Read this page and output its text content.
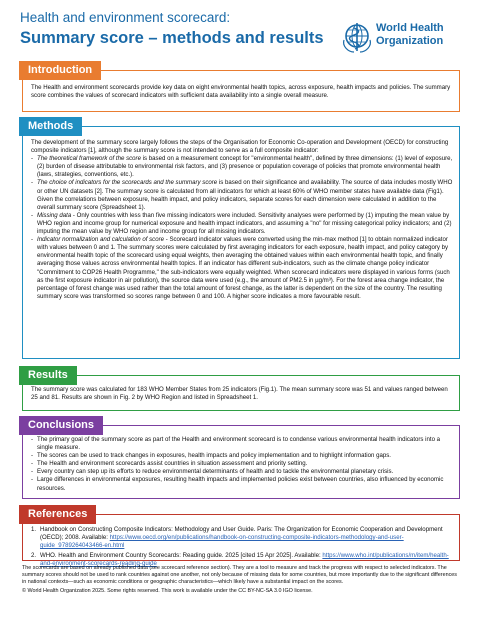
Health and environment scorecard:
Summary score – methods and results
World Health
Organization
Introduction

The Health and environment scorecards provide key data on eight environmental health topics, across exposure, health impacts and policies. The summary score combines the values of scorecard indicators with sufficient data availability into a single overall measure.

Methods

The development of the summary score largely follows the steps of the Organisation for Economic Co-operation and Development (OECD) for constructing composite indicators [1], although the summary score is not intended to serve as a full composite indicator:

- The theoretical framework of the score is based on a measurement concept for "environmental health", defined by three dimensions: (1) level of exposure, (2) burden of disease attributable to environmental risk factors, and (3) presence or population coverage of policies that promote environmental health (laws, strategies, conventions, etc.).
- The choice of indicators for the scorecards and the summary score is based on their significance and availability. The source of data includes mostly WHO or other UN datasets [2]. The summary score is calculated from all indicators for which at least 60% of WHO member states have available data (Fig1). Given the correlations between exposure, health impact, and policy indicators, separate scores for each dimension were calculated in addition to the overall summary score (Spreadsheet 1).
- Missing data - Only countries with less than five missing indicators were included. Sensitivity analyses were performed by (1) imputing the mean value by WHO region and income group for numerical exposure and health impact indicators, and assuming a "no" for missing categorical policy indicators; and (2) imputing the mean value by WHO region and income group for all missing indicators.
- Indicator normalization and calculation of score - Scorecard indicator values were converted using the min-max method [1] to obtain normalized indicator with values between 0 and 1. The summary scores were calculated by first averaging indicators for each exposure, health impact, and policy category by environmental health topic of the scorecard using equal weights, then averaging the obtained values within each environmental health topic, and finally averaging those values across environmental health topics. If an indicator has different sub-indicators, such as the climate change policy indicator "Commitment to COP26 Health Programme," the sub-indicators were equally weighted. When scorecard indicators were displayed in various forms (such as the first exposure indicator in air pollution), the source data were used (e.g., the amount of PM2.5 in µg/m³). For the forest area change indicator, the percentage of forest change was used rather than the total amount of forest change, as the latter is dependent on the size of the country. The resulting summary score was transformed so scores range between 0 and 100. A higher score indicates a more favourable result.
Results

The summary score was calculated for 183 WHO Member States from 25 indicators (Fig.1). The mean summary score was 51 and values ranged between 25 and 81. Results are shown in Fig. 2 by WHO Region and listed in Spreadsheet 1.

Conclusions
- The primary goal of the summary score as part of the Health and environment scorecard is to condense various environmental health indicators into a single measure.
- The scores can be used to track changes in exposures, health impacts and policy implementation and to highlight information gaps.
- The Health and environment scorecards assist countries in situation assessment and priority setting.
- Every country can step up its efforts to reduce environmental determinants of health and to tackle the environmental planetary crisis.
- Large differences in environmental exposures, resulting health impacts and implemented policies exist between countries, also influenced by economic resources.
References
1. Handbook on Constructing Composite Indicators: Methodology and User Guide. Paris: The Organization for Economic Cooperation and Development (OECD); 2008. Available: https://www.oecd.org/en/publications/handbook-on-constructing-composite-indicators-methodology-and-user-guide_9789264043466-en.html
2. WHO. Health and Environment Country Scorecards: Reading guide. 2025 [cited 15 Apr 2025]. Available: https://www.who.int/publications/m/item/health-and-environment-scorecards-reading-guide

The scorecards are based on already published data (see scorecard reference section). They are a tool to measure and track the progress with respect to selected indicators. The summary scores should not be used to rank countries against one another, not only because of missing data for some countries, but more importantly due to the significant differences in national contexts—such as economic conditions or geographic characteristics—which likely have a substantial impact on the scores.

© World Health Organization 2025. Some rights reserved. This work is available under the CC BY-NC-SA 3.0 IGO license.
